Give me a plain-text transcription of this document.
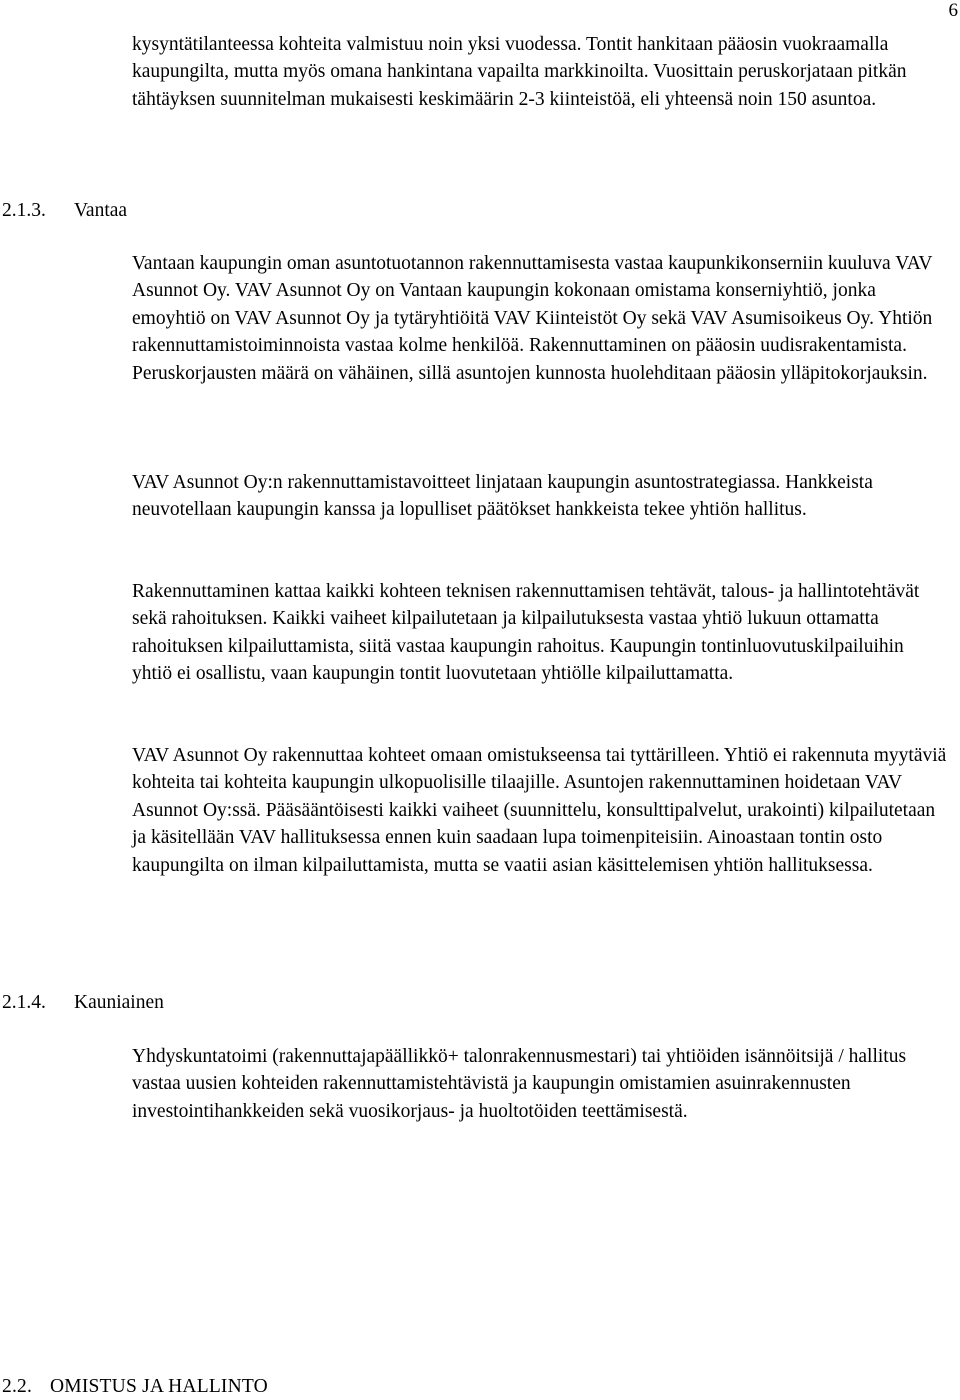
6

kysyntätilanteessa kohteita valmistuu noin yksi vuodessa. Tontit hankitaan pääosin vuokraamalla kaupungilta, mutta myös omana hankintana vapailta markkinoilta. Vuosittain peruskorjataan pitkän tähtäyksen suunnitelman mukaisesti keskimäärin 2-3 kiinteistöä, eli yhteensä noin 150 asuntoa.

2.1.3. Vantaa

Vantaan kaupungin oman asuntotuotannon rakennuttamisesta vastaa kaupunkikonserniin kuuluva VAV Asunnot Oy. VAV Asunnot Oy on Vantaan kaupungin kokonaan omistama konserniyhtiö, jonka emoyhtiö on VAV Asunnot Oy ja tytäryhtiöitä VAV Kiinteistöt Oy sekä VAV Asumisoikeus Oy. Yhtiön rakennuttamistoiminnoista vastaa kolme henkilöä. Rakennuttaminen on pääosin uudisrakentamista. Peruskorjausten määrä on vähäinen, sillä asuntojen kunnosta huolehditaan pääosin ylläpitokorjauksin.

VAV Asunnot Oy:n rakennuttamistavoitteet linjataan kaupungin asuntostrategiassa. Hankkeista neuvotellaan kaupungin kanssa ja lopulliset päätökset hankkeista tekee yhtiön hallitus.

Rakennuttaminen kattaa kaikki kohteen teknisen rakennuttamisen tehtävät, talous- ja hallintotehtävät sekä rahoituksen. Kaikki vaiheet kilpailutetaan ja kilpailutuksesta vastaa yhtiö lukuun ottamatta rahoituksen kilpailuttamista, siitä vastaa kaupungin rahoitus. Kaupungin tontinluovutuskilpailuihin yhtiö ei osallistu, vaan kaupungin tontit luovutetaan yhtiölle kilpailuttamatta.

VAV Asunnot Oy rakennuttaa kohteet omaan omistukseensa tai tyttärilleen. Yhtiö ei rakennuta myytäviä kohteita tai kohteita kaupungin ulkopuolisille tilaajille. Asuntojen rakennuttaminen hoidetaan VAV Asunnot Oy:ssä. Pääsääntöisesti kaikki vaiheet (suunnittelu, konsulttipalvelut, urakointi) kilpailutetaan ja käsitellään VAV hallituksessa ennen kuin saadaan lupa toimenpiteisiin. Ainoastaan tontin osto kaupungilta on ilman kilpailuttamista, mutta se vaatii asian käsittelemisen yhtiön hallituksessa.

2.1.4. Kauniainen

Yhdyskuntatoimi (rakennuttajapäällikkö+ talonrakennusmestari) tai yhtiöiden isännöitsijä / hallitus vastaa uusien kohteiden rakennuttamistehtävistä ja kaupungin omistamien asuinrakennusten investointihankkeiden sekä vuosikorjaus- ja huoltotöiden teettämisestä.

2.2. OMISTUS JA HALLINTO
